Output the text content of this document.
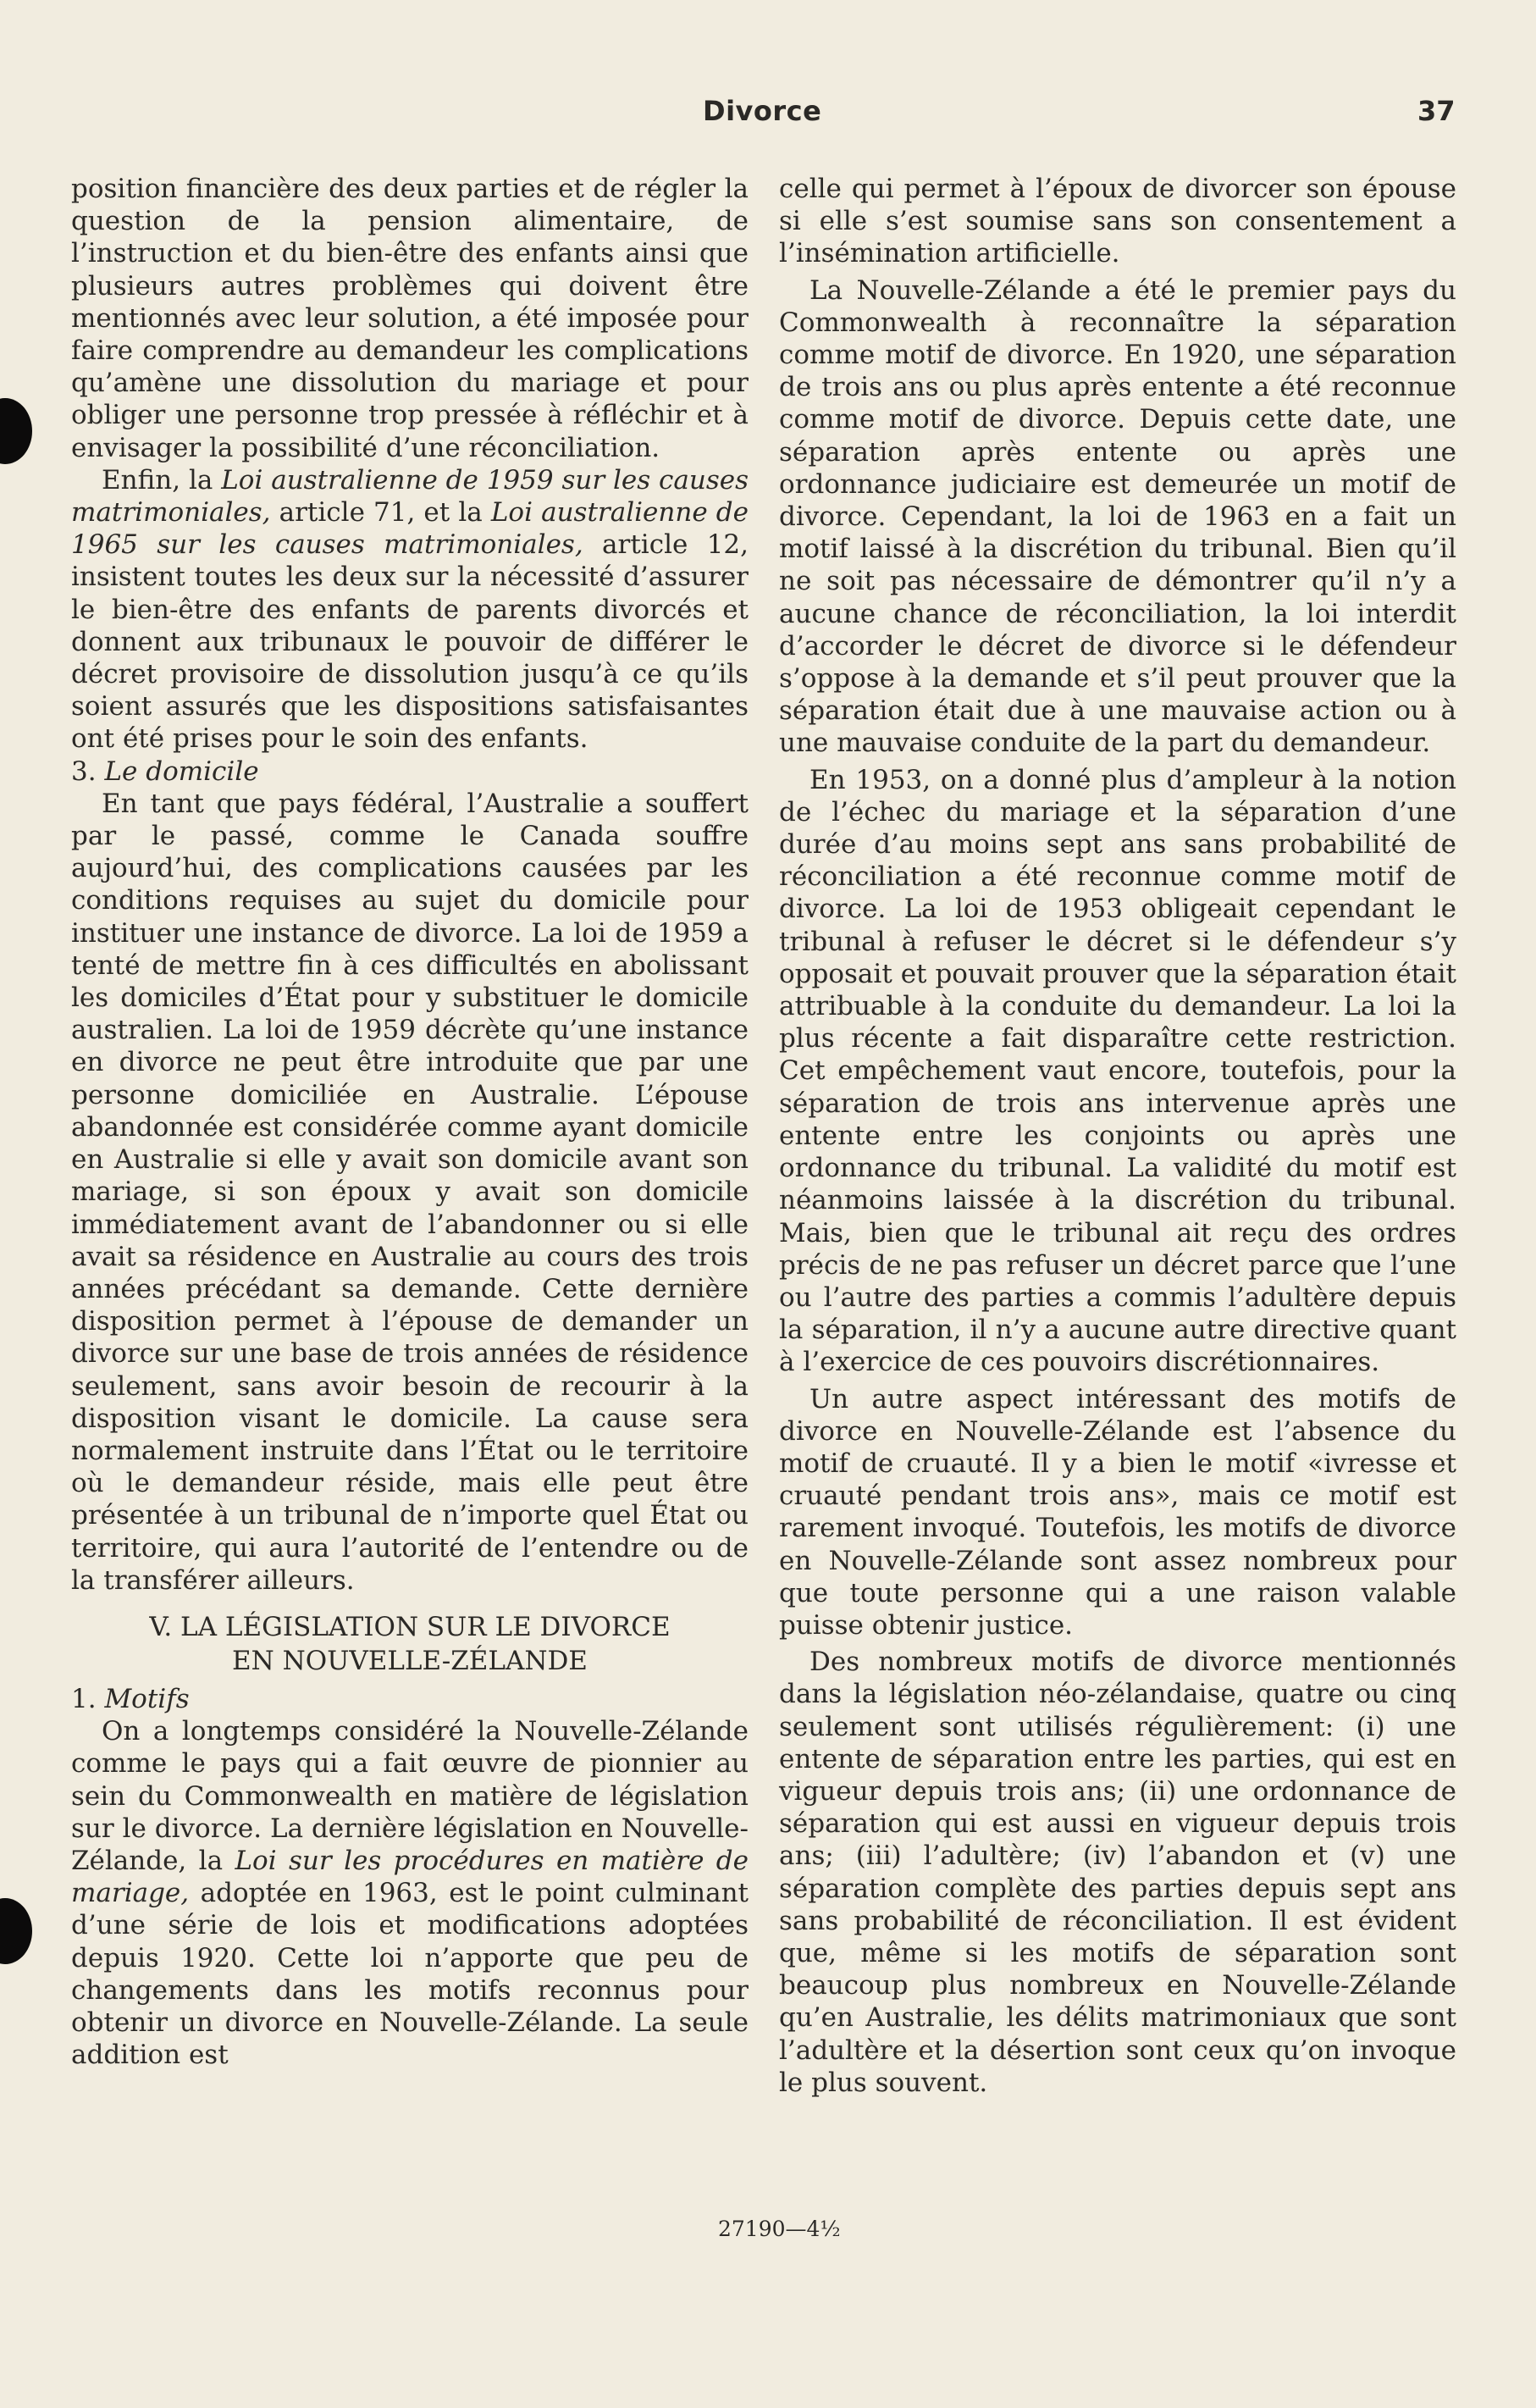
Divorce	37

position financière des deux parties et de régler la question de la pension alimentaire, de l’instruction et du bien-être des enfants ainsi que plusieurs autres problèmes qui doivent être mentionnés avec leur solution, a été imposée pour faire comprendre au demandeur les complications qu’amène une dissolution du mariage et pour obliger une personne trop pressée à réfléchir et à envisager la possibilité d’une réconciliation.

Enfin, la Loi australienne de 1959 sur les causes matrimoniales, article 71, et la Loi australienne de 1965 sur les causes matrimoniales, article 12, insistent toutes les deux sur la nécessité d’assurer le bien-être des enfants de parents divorcés et donnent aux tribunaux le pouvoir de différer le décret provisoire de dissolution jusqu’à ce qu’ils soient assurés que les dispositions satisfaisantes ont été prises pour le soin des enfants.

3. Le domicile

En tant que pays fédéral, l’Australie a souffert par le passé, comme le Canada souffre aujourd’hui, des complications causées par les conditions requises au sujet du domicile pour instituer une instance de divorce. La loi de 1959 a tenté de mettre fin à ces difficultés en abolissant les domiciles d’État pour y substituer le domicile australien. La loi de 1959 décrète qu’une instance en divorce ne peut être introduite que par une personne domiciliée en Australie. L’épouse abandonnée est considérée comme ayant domicile en Australie si elle y avait son domicile avant son mariage, si son époux y avait son domicile immédiatement avant de l’abandonner ou si elle avait sa résidence en Australie au cours des trois années précédant sa demande. Cette dernière disposition permet à l’épouse de demander un divorce sur une base de trois années de résidence seulement, sans avoir besoin de recourir à la disposition visant le domicile. La cause sera normalement instruite dans l’État ou le territoire où le demandeur réside, mais elle peut être présentée à un tribunal de n’importe quel État ou territoire, qui aura l’autorité de l’entendre ou de la transférer ailleurs.

V. LA LÉGISLATION SUR LE DIVORCE
EN NOUVELLE-ZÉLANDE

1. Motifs

On a longtemps considéré la Nouvelle-Zélande comme le pays qui a fait œuvre de pionnier au sein du Commonwealth en matière de législation sur le divorce. La dernière législation en Nouvelle-Zélande, la Loi sur les procédures en matière de mariage, adoptée en 1963, est le point culminant d’une série de lois et modifications adoptées depuis 1920. Cette loi n’apporte que peu de changements dans les motifs reconnus pour obtenir un divorce en Nouvelle-Zélande. La seule addition est

celle qui permet à l’époux de divorcer son épouse si elle s’est soumise sans son consentement a l’insémination artificielle.

La Nouvelle-Zélande a été le premier pays du Commonwealth à reconnaître la séparation comme motif de divorce. En 1920, une séparation de trois ans ou plus après entente a été reconnue comme motif de divorce. Depuis cette date, une séparation après entente ou après une ordonnance judiciaire est demeurée un motif de divorce. Cependant, la loi de 1963 en a fait un motif laissé à la discrétion du tribunal. Bien qu’il ne soit pas nécessaire de démontrer qu’il n’y a aucune chance de réconciliation, la loi interdit d’accorder le décret de divorce si le défendeur s’oppose à la demande et s’il peut prouver que la séparation était due à une mauvaise action ou à une mauvaise conduite de la part du demandeur.

En 1953, on a donné plus d’ampleur à la notion de l’échec du mariage et la séparation d’une durée d’au moins sept ans sans probabilité de réconciliation a été reconnue comme motif de divorce. La loi de 1953 obligeait cependant le tribunal à refuser le décret si le défendeur s’y opposait et pouvait prouver que la séparation était attribuable à la conduite du demandeur. La loi la plus récente a fait disparaître cette restriction. Cet empêchement vaut encore, toutefois, pour la séparation de trois ans intervenue après une entente entre les conjoints ou après une ordonnance du tribunal. La validité du motif est néanmoins laissée à la discrétion du tribunal. Mais, bien que le tribunal ait reçu des ordres précis de ne pas refuser un décret parce que l’une ou l’autre des parties a commis l’adultère depuis la séparation, il n’y a aucune autre directive quant à l’exercice de ces pouvoirs discrétionnaires.

Un autre aspect intéressant des motifs de divorce en Nouvelle-Zélande est l’absence du motif de cruauté. Il y a bien le motif «ivresse et cruauté pendant trois ans», mais ce motif est rarement invoqué. Toutefois, les motifs de divorce en Nouvelle-Zélande sont assez nombreux pour que toute personne qui a une raison valable puisse obtenir justice.

Des nombreux motifs de divorce mentionnés dans la législation néo-zélandaise, quatre ou cinq seulement sont utilisés régulièrement: (i) une entente de séparation entre les parties, qui est en vigueur depuis trois ans; (ii) une ordonnance de séparation qui est aussi en vigueur depuis trois ans; (iii) l’adultère; (iv) l’abandon et (v) une séparation complète des parties depuis sept ans sans probabilité de réconciliation. Il est évident que, même si les motifs de séparation sont beaucoup plus nombreux en Nouvelle-Zélande qu’en Australie, les délits matrimoniaux que sont l’adultère et la désertion sont ceux qu’on invoque le plus souvent.

27190—4½
